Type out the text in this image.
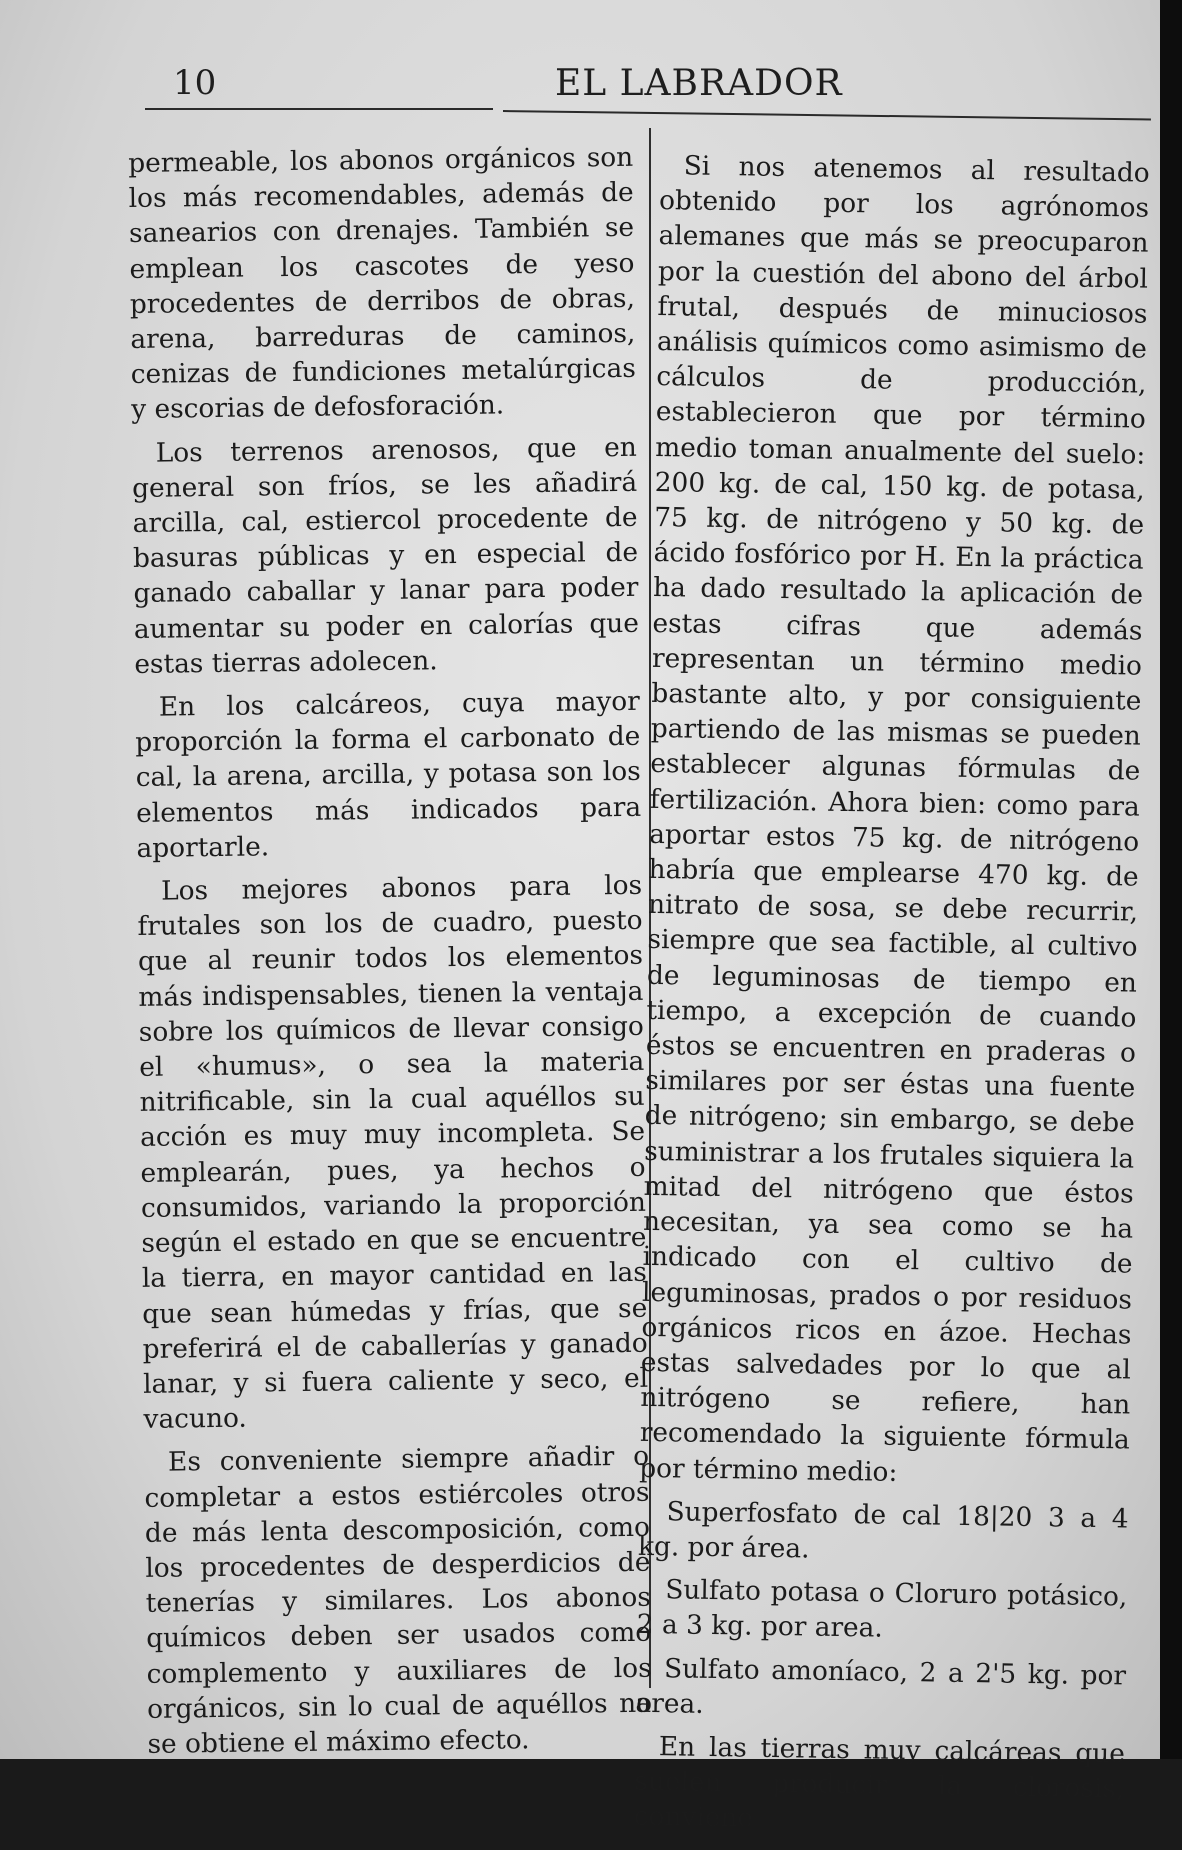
10	EL LABRADOR

permeable, los abonos orgánicos son los más recomendables, además de sanearios con drenajes. También se emplean los cascotes de yeso procedentes de derribos de obras, arena, barreduras de caminos, cenizas de fundiciones metalúrgicas y escorias de defosforación.

Los terrenos arenosos, que en general son fríos, se les añadirá arcilla, cal, estiercol procedente de basuras públicas y en especial de ganado caballar y lanar para poder aumentar su poder en calorías que estas tierras adolecen.

En los calcáreos, cuya mayor proporción la forma el carbonato de cal, la arena, arcilla, y potasa son los elementos más indicados para aportarle.

Los mejores abonos para los frutales son los de cuadro, puesto que al reunir todos los elementos más indispensables, tienen la ventaja sobre los químicos de llevar consigo el «humus», o sea la materia nitrificable, sin la cual aquéllos su acción es muy muy incompleta. Se emplearán, pues, ya hechos o consumidos, variando la proporción según el estado en que se encuentre la tierra, en mayor cantidad en las que sean húmedas y frías, que se preferirá el de caballerías y ganado lanar, y si fuera caliente y seco, el vacuno.

Es conveniente siempre añadir o completar a estos estiércoles otros de más lenta descomposición, como los procedentes de desperdicios de tenerías y similares. Los abonos químicos deben ser usados como complemento y auxiliares de los orgánicos, sin lo cual de aquéllos no se obtiene el máximo efecto.

Si nos atenemos al resultado obtenido por los agrónomos alemanes que más se preocuparon por la cuestión del abono del árbol frutal, después de minuciosos análisis químicos como asimismo de cálculos de producción, establecieron que por término medio toman anualmente del suelo: 200 kg. de cal, 150 kg. de potasa, 75 kg. de nitrógeno y 50 kg. de ácido fosfórico por H. En la práctica ha dado resultado la aplicación de estas cifras que además representan un término medio bastante alto, y por consiguiente partiendo de las mismas se pueden establecer algunas fórmulas de fertilización. Ahora bien: como para aportar estos 75 kg. de nitrógeno habría que emplearse 470 kg. de nitrato de sosa, se debe recurrir, siempre que sea factible, al cultivo de leguminosas de tiempo en tiempo, a excepción de cuando éstos se encuentren en praderas o similares por ser éstas una fuente de nitrógeno; sin embargo, se debe suministrar a los frutales siquiera la mitad del nitrógeno que éstos necesitan, ya sea como se ha indicado con el cultivo de leguminosas, prados o por residuos orgánicos ricos en ázoe. Hechas estas salvedades por lo que al nitrógeno se refiere, han recomendado la siguiente fórmula por término medio:

Superfosfato de cal 18|20 3 a 4 kg. por área.

Sulfato potasa o Cloruro potásico, 2 a 3 kg. por area.

Sulfato amoníaco, 2 a 2'5 kg. por area.

En las tierras muy calcáreas que suelen producir la clorosis, conviene
